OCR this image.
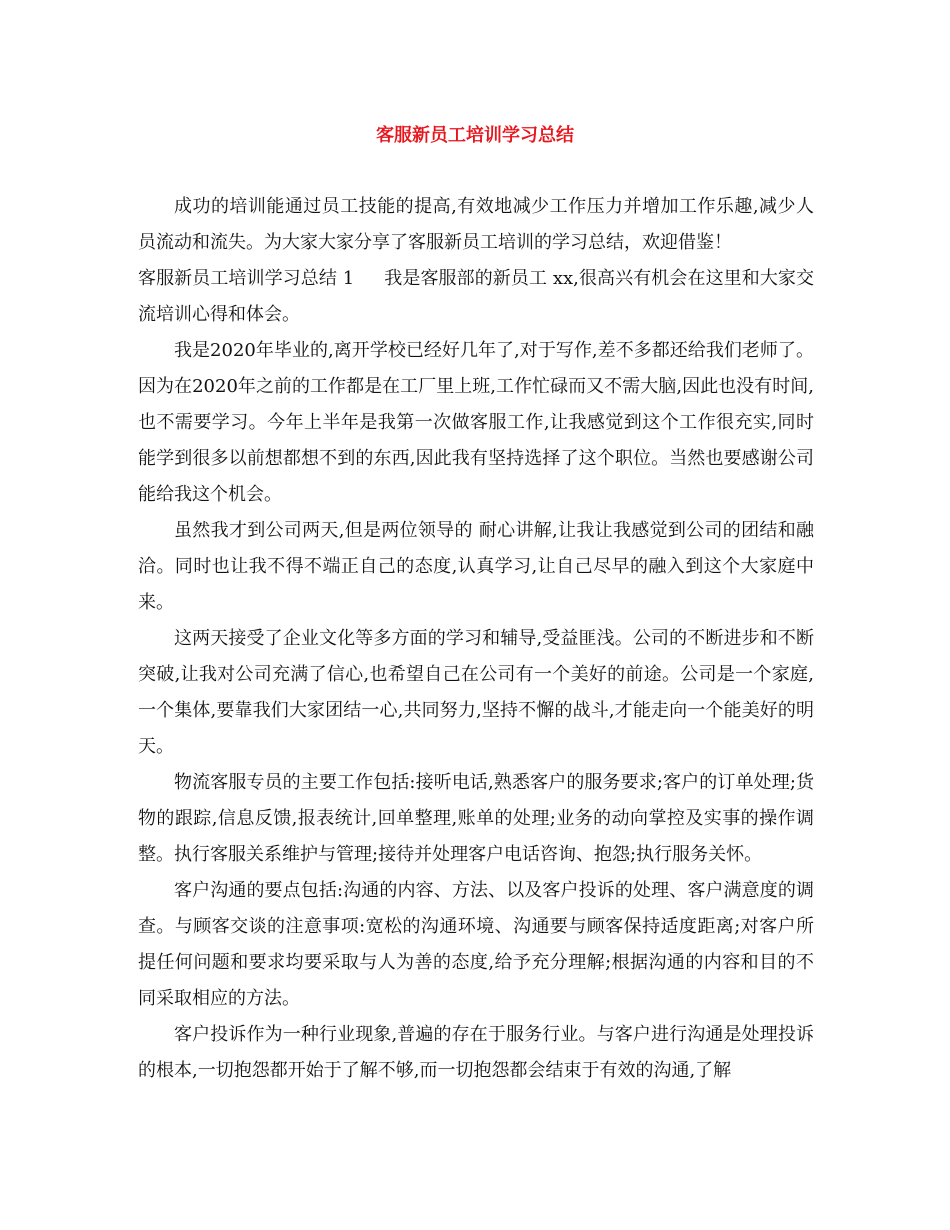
客服新员工培训学习总结

成功的培训能通过员工技能的提高,有效地减少工作压力并增加工作乐趣,减少人员流动和流失。为大家大家分享了客服新员工培训的学习总结，欢迎借鉴！

客服新员工培训学习总结 1 我是客服部的新员工 xx,很高兴有机会在这里和大家交流培训心得和体会。

我是2020年毕业的,离开学校已经好几年了,对于写作,差不多都还给我们老师了。因为在2020年之前的工作都是在工厂里上班,工作忙碌而又不需大脑,因此也没有时间,也不需要学习。今年上半年是我第一次做客服工作,让我感觉到这个工作很充实,同时能学到很多以前想都想不到的东西,因此我有坚持选择了这个职位。当然也要感谢公司能给我这个机会。

虽然我才到公司两天,但是两位领导的 耐心讲解,让我让我感觉到公司的团结和融洽。同时也让我不得不端正自己的态度,认真学习,让自己尽早的融入到这个大家庭中来。

这两天接受了企业文化等多方面的学习和辅导,受益匪浅。公司的不断进步和不断突破,让我对公司充满了信心,也希望自己在公司有一个美好的前途。公司是一个家庭,一个集体,要靠我们大家团结一心,共同努力,坚持不懈的战斗,才能走向一个能美好的明天。

物流客服专员的主要工作包括:接听电话,熟悉客户的服务要求;客户的订单处理;货物的跟踪,信息反馈,报表统计,回单整理,账单的处理;业务的动向掌控及实事的操作调整。执行客服关系维护与管理;接待并处理客户电话咨询、抱怨;执行服务关怀。

客户沟通的要点包括:沟通的内容、方法、以及客户投诉的处理、客户满意度的调查。与顾客交谈的注意事项:宽松的沟通环境、沟通要与顾客保持适度距离;对客户所提任何问题和要求均要采取与人为善的态度,给予充分理解;根据沟通的内容和目的不同采取相应的方法。

客户投诉作为一种行业现象,普遍的存在于服务行业。与客户进行沟通是处理投诉的根本,一切抱怨都开始于了解不够,而一切抱怨都会结束于有效的沟通,了解
